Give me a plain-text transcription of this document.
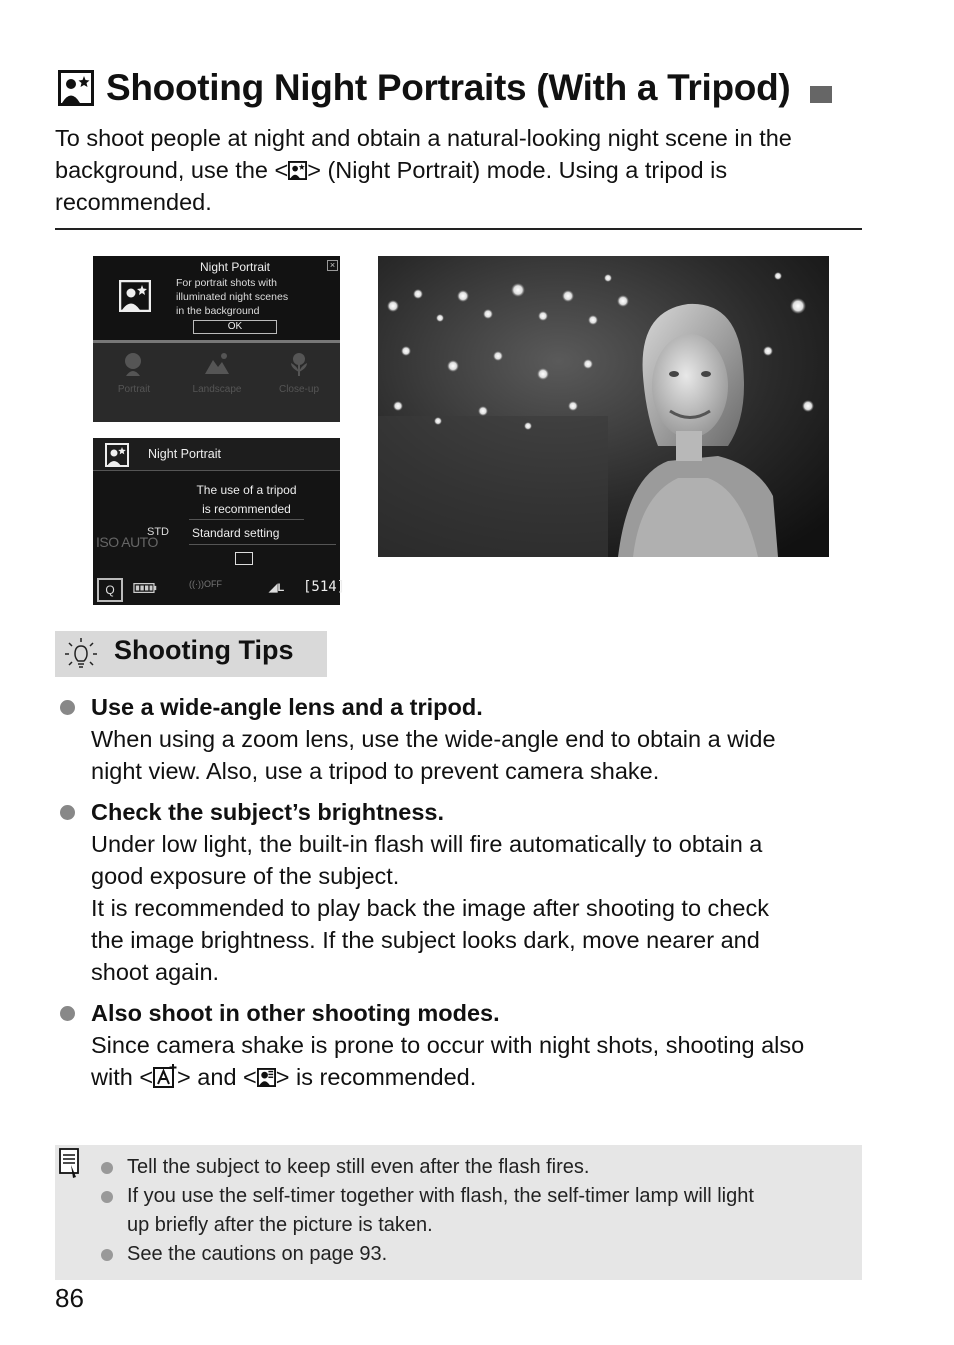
Shooting Night Portraits (With a Tripod)
To shoot people at night and obtain a natural-looking night scene in the
background, use the < > (Night Portrait) mode. Using a tripod is
recommended.
Night Portrait
For portrait shots with
illuminated night scenes
in the background
OK
×
Portrait	Landscape	Close-up
Night Portrait
The use of a tripod
is recommended
ISO AUTO
STD Standard setting
Q	((·))OFF	◢L [514]
Shooting Tips
Use a wide-angle lens and a tripod.
When using a zoom lens, use the wide-angle end to obtain a wide
night view. Also, use a tripod to prevent camera shake.
Check the subject’s brightness.
Under low light, the built-in flash will fire automatically to obtain a
good exposure of the subject.
It is recommended to play back the image after shooting to check
the image brightness. If the subject looks dark, move nearer and
shoot again.
Also shoot in other shooting modes.
Since camera shake is prone to occur with night shots, shooting also
with < > and < > is recommended.
Tell the subject to keep still even after the flash fires.
If you use the self-timer together with flash, the self-timer lamp will light
up briefly after the picture is taken.
See the cautions on page 93.
86
